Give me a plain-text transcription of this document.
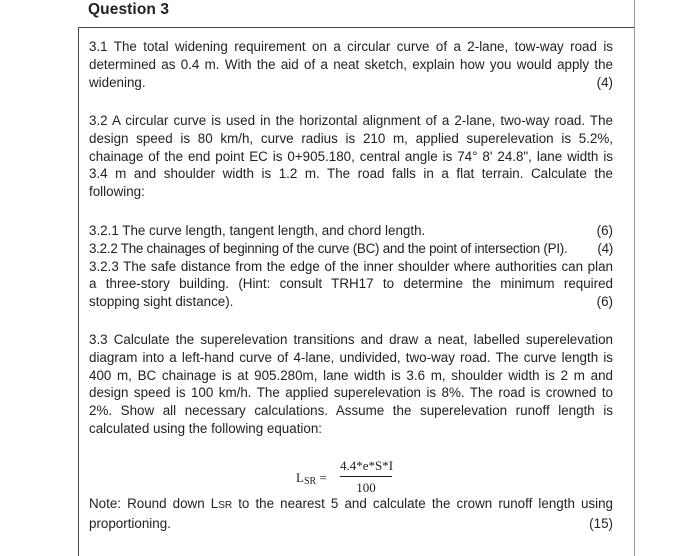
Question 3
3.1 The total widening requirement on a circular curve of a 2-lane, tow-way road is
determined as 0.4 m. With the aid of a neat sketch, explain how you would apply the
widening.	(4)
3.2 A circular curve is used in the horizontal alignment of a 2-lane, two-way road. The
design speed is 80 km/h, curve radius is 210 m, applied superelevation is 5.2%,
chainage of the end point EC is 0+905.180, central angle is 74° 8' 24.8", lane width is
3.4 m and shoulder width is 1.2 m. The road falls in a flat terrain. Calculate the
following:
3.2.1 The curve length, tangent length, and chord length.	(6)
3.2.2 The chainages of beginning of the curve (BC) and the point of intersection (PI). (4)
3.2.3 The safe distance from the edge of the inner shoulder where authorities can plan
a three-story building. (Hint: consult TRH17 to determine the minimum required
stopping sight distance).	(6)
3.3 Calculate the superelevation transitions and draw a neat, labelled superelevation
diagram into a left-hand curve of 4-lane, undivided, two-way road. The curve length is
400 m, BC chainage is at 905.280m, lane width is 3.6 m, shoulder width is 2 m and
design speed is 100 km/h. The applied superelevation is 8%. The road is crowned to
2%. Show all necessary calculations. Assume the superelevation runoff length is
calculated using the following equation:
$L_{SR}$ =
4.4*e*S*I
100
Note: Round down LSR to the nearest 5 and calculate the crown runoff length using
proportioning.	(15)
